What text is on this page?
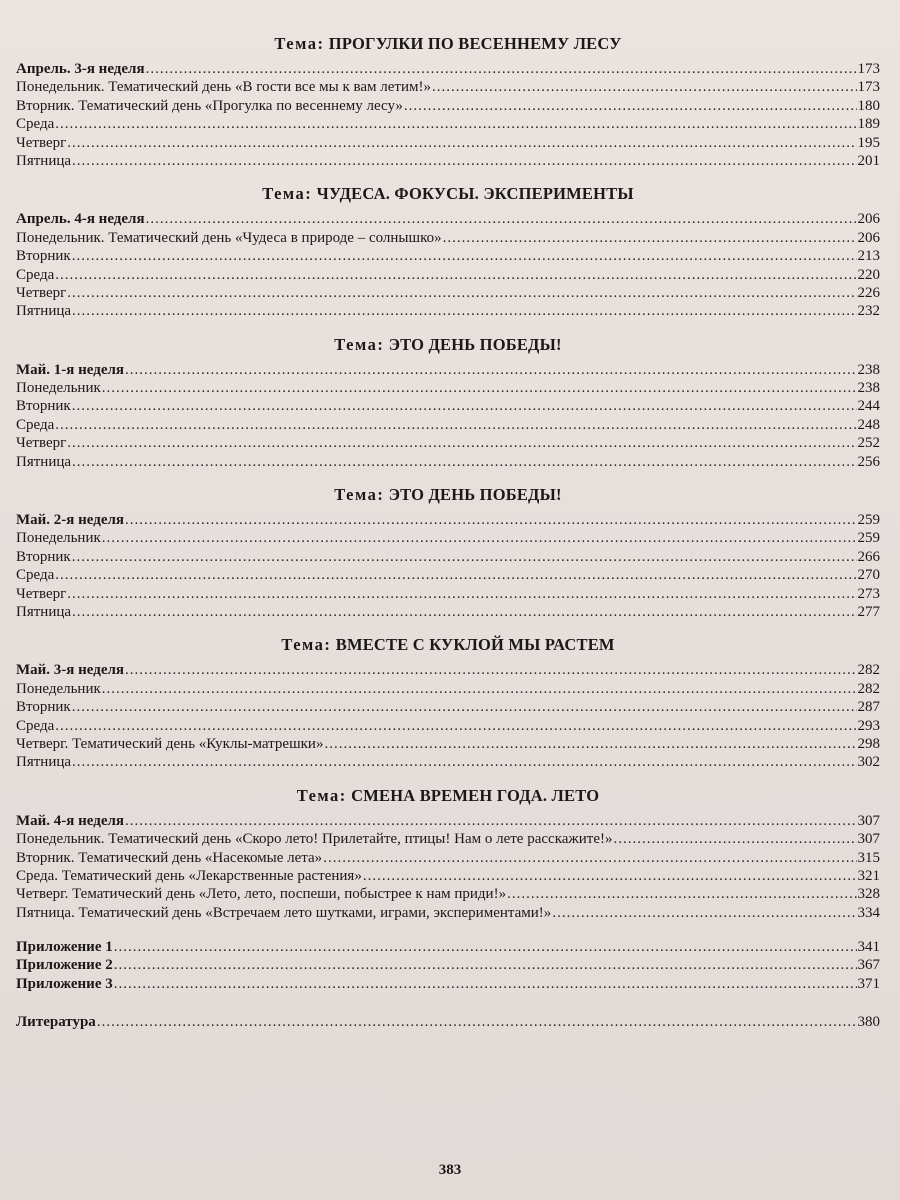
Тема: ПРОГУЛКИ ПО ВЕСЕННЕМУ ЛЕСУ
Апрель. 3-я неделя .....	173
Понедельник. Тематический день «В гости все мы к вам летим!» .....	173
Вторник. Тематический день «Прогулка по весеннему лесу» .....	180
Среда .....	189
Четверг .....	195
Пятница .....	201
Тема: ЧУДЕСА. ФОКУСЫ. ЭКСПЕРИМЕНТЫ
Апрель. 4-я неделя .....	206
Понедельник. Тематический день «Чудеса в природе – солнышко» .....	206
Вторник .....	213
Среда .....	220
Четверг .....	226
Пятница .....	232
Тема: ЭТО ДЕНЬ ПОБЕДЫ!
Май. 1-я неделя .....	238
Понедельник .....	238
Вторник .....	244
Среда .....	248
Четверг .....	252
Пятница .....	256
Тема: ЭТО ДЕНЬ ПОБЕДЫ!
Май. 2-я неделя .....	259
Понедельник .....	259
Вторник .....	266
Среда .....	270
Четверг .....	273
Пятница .....	277
Тема: ВМЕСТЕ С КУКЛОЙ МЫ РАСТЕМ
Май. 3-я неделя .....	282
Понедельник .....	282
Вторник .....	287
Среда .....	293
Четверг. Тематический день «Куклы-матрешки» .....	298
Пятница .....	302
Тема: СМЕНА ВРЕМЕН ГОДА. ЛЕТО
Май. 4-я неделя .....	307
Понедельник. Тематический день «Скоро лето! Прилетайте, птицы! Нам о лете расскажите!» .....	307
Вторник. Тематический день «Насекомые лета» .....	315
Среда. Тематический день «Лекарственные растения» .....	321
Четверг. Тематический день «Лето, лето, поспеши, побыстрее к нам приди!» .....	328
Пятница. Тематический день «Встречаем лето шутками, играми, экспериментами!» .....	334
Приложение 1 .....	341
Приложение 2 .....	367
Приложение 3 .....	371
Литература .....	380
383
